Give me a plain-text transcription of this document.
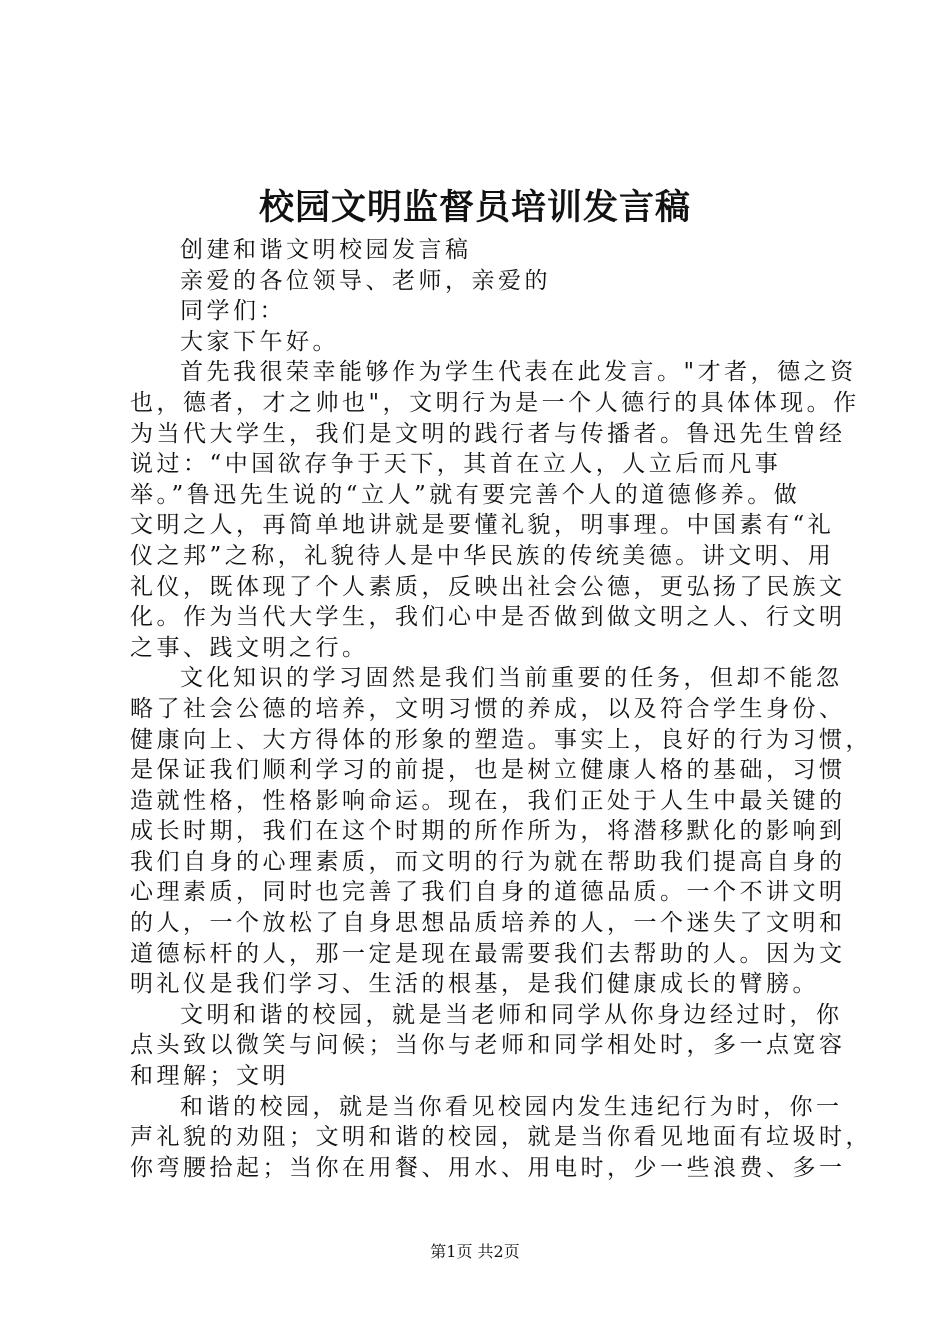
校园文明监督员培训发言稿
创建和谐文明校园发言稿
亲爱的各位领导、老师，亲爱的
同学们：
大家下午好。
首先我很荣幸能够作为学生代表在此发言。"才者，德之资
也，德者，才之帅也"，文明行为是一个人德行的具体体现。作
为当代大学生，我们是文明的践行者与传播者。鲁迅先生曾经
说过：“中国欲存争于天下，其首在立人，人立后而凡事
举。”鲁迅先生说的“立人”就有要完善个人的道德修养。做
文明之人，再简单地讲就是要懂礼貌，明事理。中国素有“礼
仪之邦”之称，礼貌待人是中华民族的传统美德。讲文明、用
礼仪，既体现了个人素质，反映出社会公德，更弘扬了民族文
化。作为当代大学生，我们心中是否做到做文明之人、行文明
之事、践文明之行。
文化知识的学习固然是我们当前重要的任务，但却不能忽
略了社会公德的培养，文明习惯的养成，以及符合学生身份、
健康向上、大方得体的形象的塑造。事实上，良好的行为习惯，
是保证我们顺利学习的前提，也是树立健康人格的基础，习惯
造就性格，性格影响命运。现在，我们正处于人生中最关键的
成长时期，我们在这个时期的所作所为，将潜移默化的影响到
我们自身的心理素质，而文明的行为就在帮助我们提高自身的
心理素质，同时也完善了我们自身的道德品质。一个不讲文明
的人，一个放松了自身思想品质培养的人，一个迷失了文明和
道德标杆的人，那一定是现在最需要我们去帮助的人。因为文
明礼仪是我们学习、生活的根基，是我们健康成长的臂膀。
文明和谐的校园，就是当老师和同学从你身边经过时，你
点头致以微笑与问候；当你与老师和同学相处时，多一点宽容
和理解；文明
和谐的校园，就是当你看见校园内发生违纪行为时，你一
声礼貌的劝阻；文明和谐的校园，就是当你看见地面有垃圾时，
你弯腰拾起；当你在用餐、用水、用电时，少一些浪费、多一
第1页 共2页
